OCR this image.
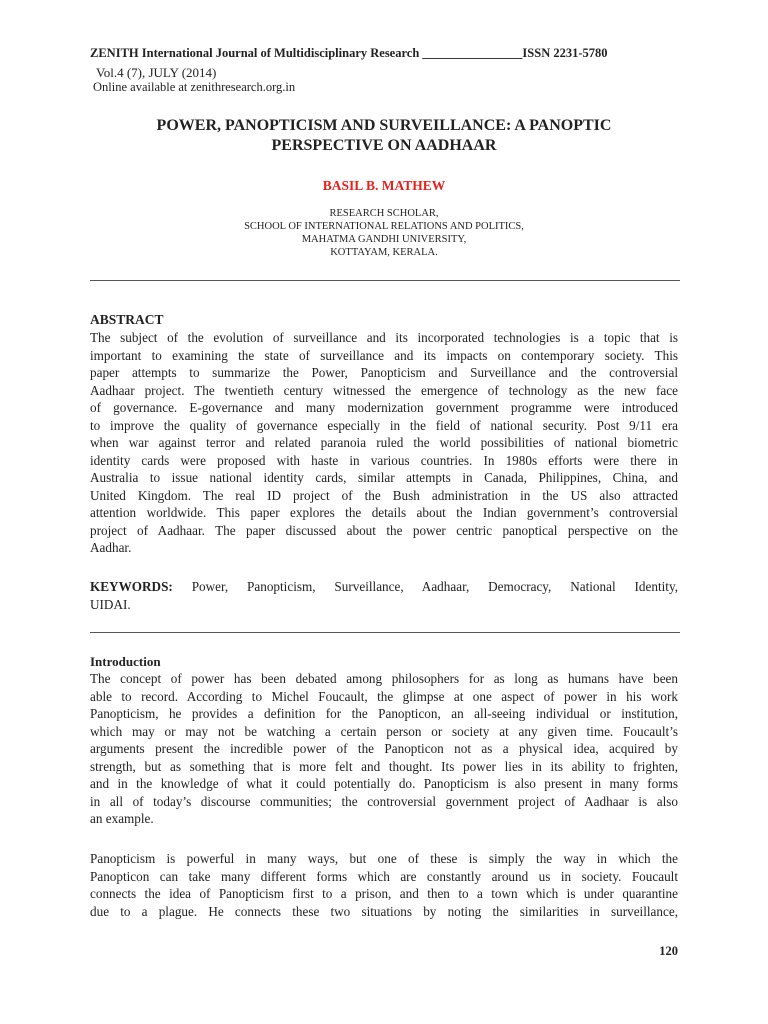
ZENITH International Journal of Multidisciplinary Research ________________ISSN 2231-5780
Vol.4 (7), JULY (2014)
Online available at zenithresearch.org.in
POWER, PANOPTICISM AND SURVEILLANCE: A PANOPTIC
PERSPECTIVE ON AADHAAR
BASIL B. MATHEW
RESEARCH SCHOLAR,
SCHOOL OF INTERNATIONAL RELATIONS AND POLITICS,
MAHATMA GANDHI UNIVERSITY,
KOTTAYAM, KERALA.
ABSTRACT
The subject of the evolution of surveillance and its incorporated technologies is a topic that is
important to examining the state of surveillance and its impacts on contemporary society. This
paper attempts to summarize the Power, Panopticism and Surveillance and the controversial
Aadhaar project. The twentieth century witnessed the emergence of technology as the new face
of governance. E-governance and many modernization government programme were introduced
to improve the quality of governance especially in the field of national security. Post 9/11 era
when war against terror and related paranoia ruled the world possibilities of national biometric
identity cards were proposed with haste in various countries. In 1980s efforts were there in
Australia to issue national identity cards, similar attempts in Canada, Philippines, China, and
United Kingdom. The real ID project of the Bush administration in the US also attracted
attention worldwide. This paper explores the details about the Indian government’s controversial
project of Aadhaar. The paper discussed about the power centric panoptical perspective on the
Aadhar.
KEYWORDS: Power, Panopticism, Surveillance, Aadhaar, Democracy, National Identity,
UIDAI.
Introduction
The concept of power has been debated among philosophers for as long as humans have been
able to record. According to Michel Foucault, the glimpse at one aspect of power in his work
Panopticism, he provides a definition for the Panopticon, an all-seeing individual or institution,
which may or may not be watching a certain person or society at any given time. Foucault’s
arguments present the incredible power of the Panopticon not as a physical idea, acquired by
strength, but as something that is more felt and thought. Its power lies in its ability to frighten,
and in the knowledge of what it could potentially do. Panopticism is also present in many forms
in all of today’s discourse communities; the controversial government project of Aadhaar is also
an example.
Panopticism is powerful in many ways, but one of these is simply the way in which the
Panopticon can take many different forms which are constantly around us in society. Foucault
connects the idea of Panopticism first to a prison, and then to a town which is under quarantine
due to a plague. He connects these two situations by noting the similarities in surveillance,
120
